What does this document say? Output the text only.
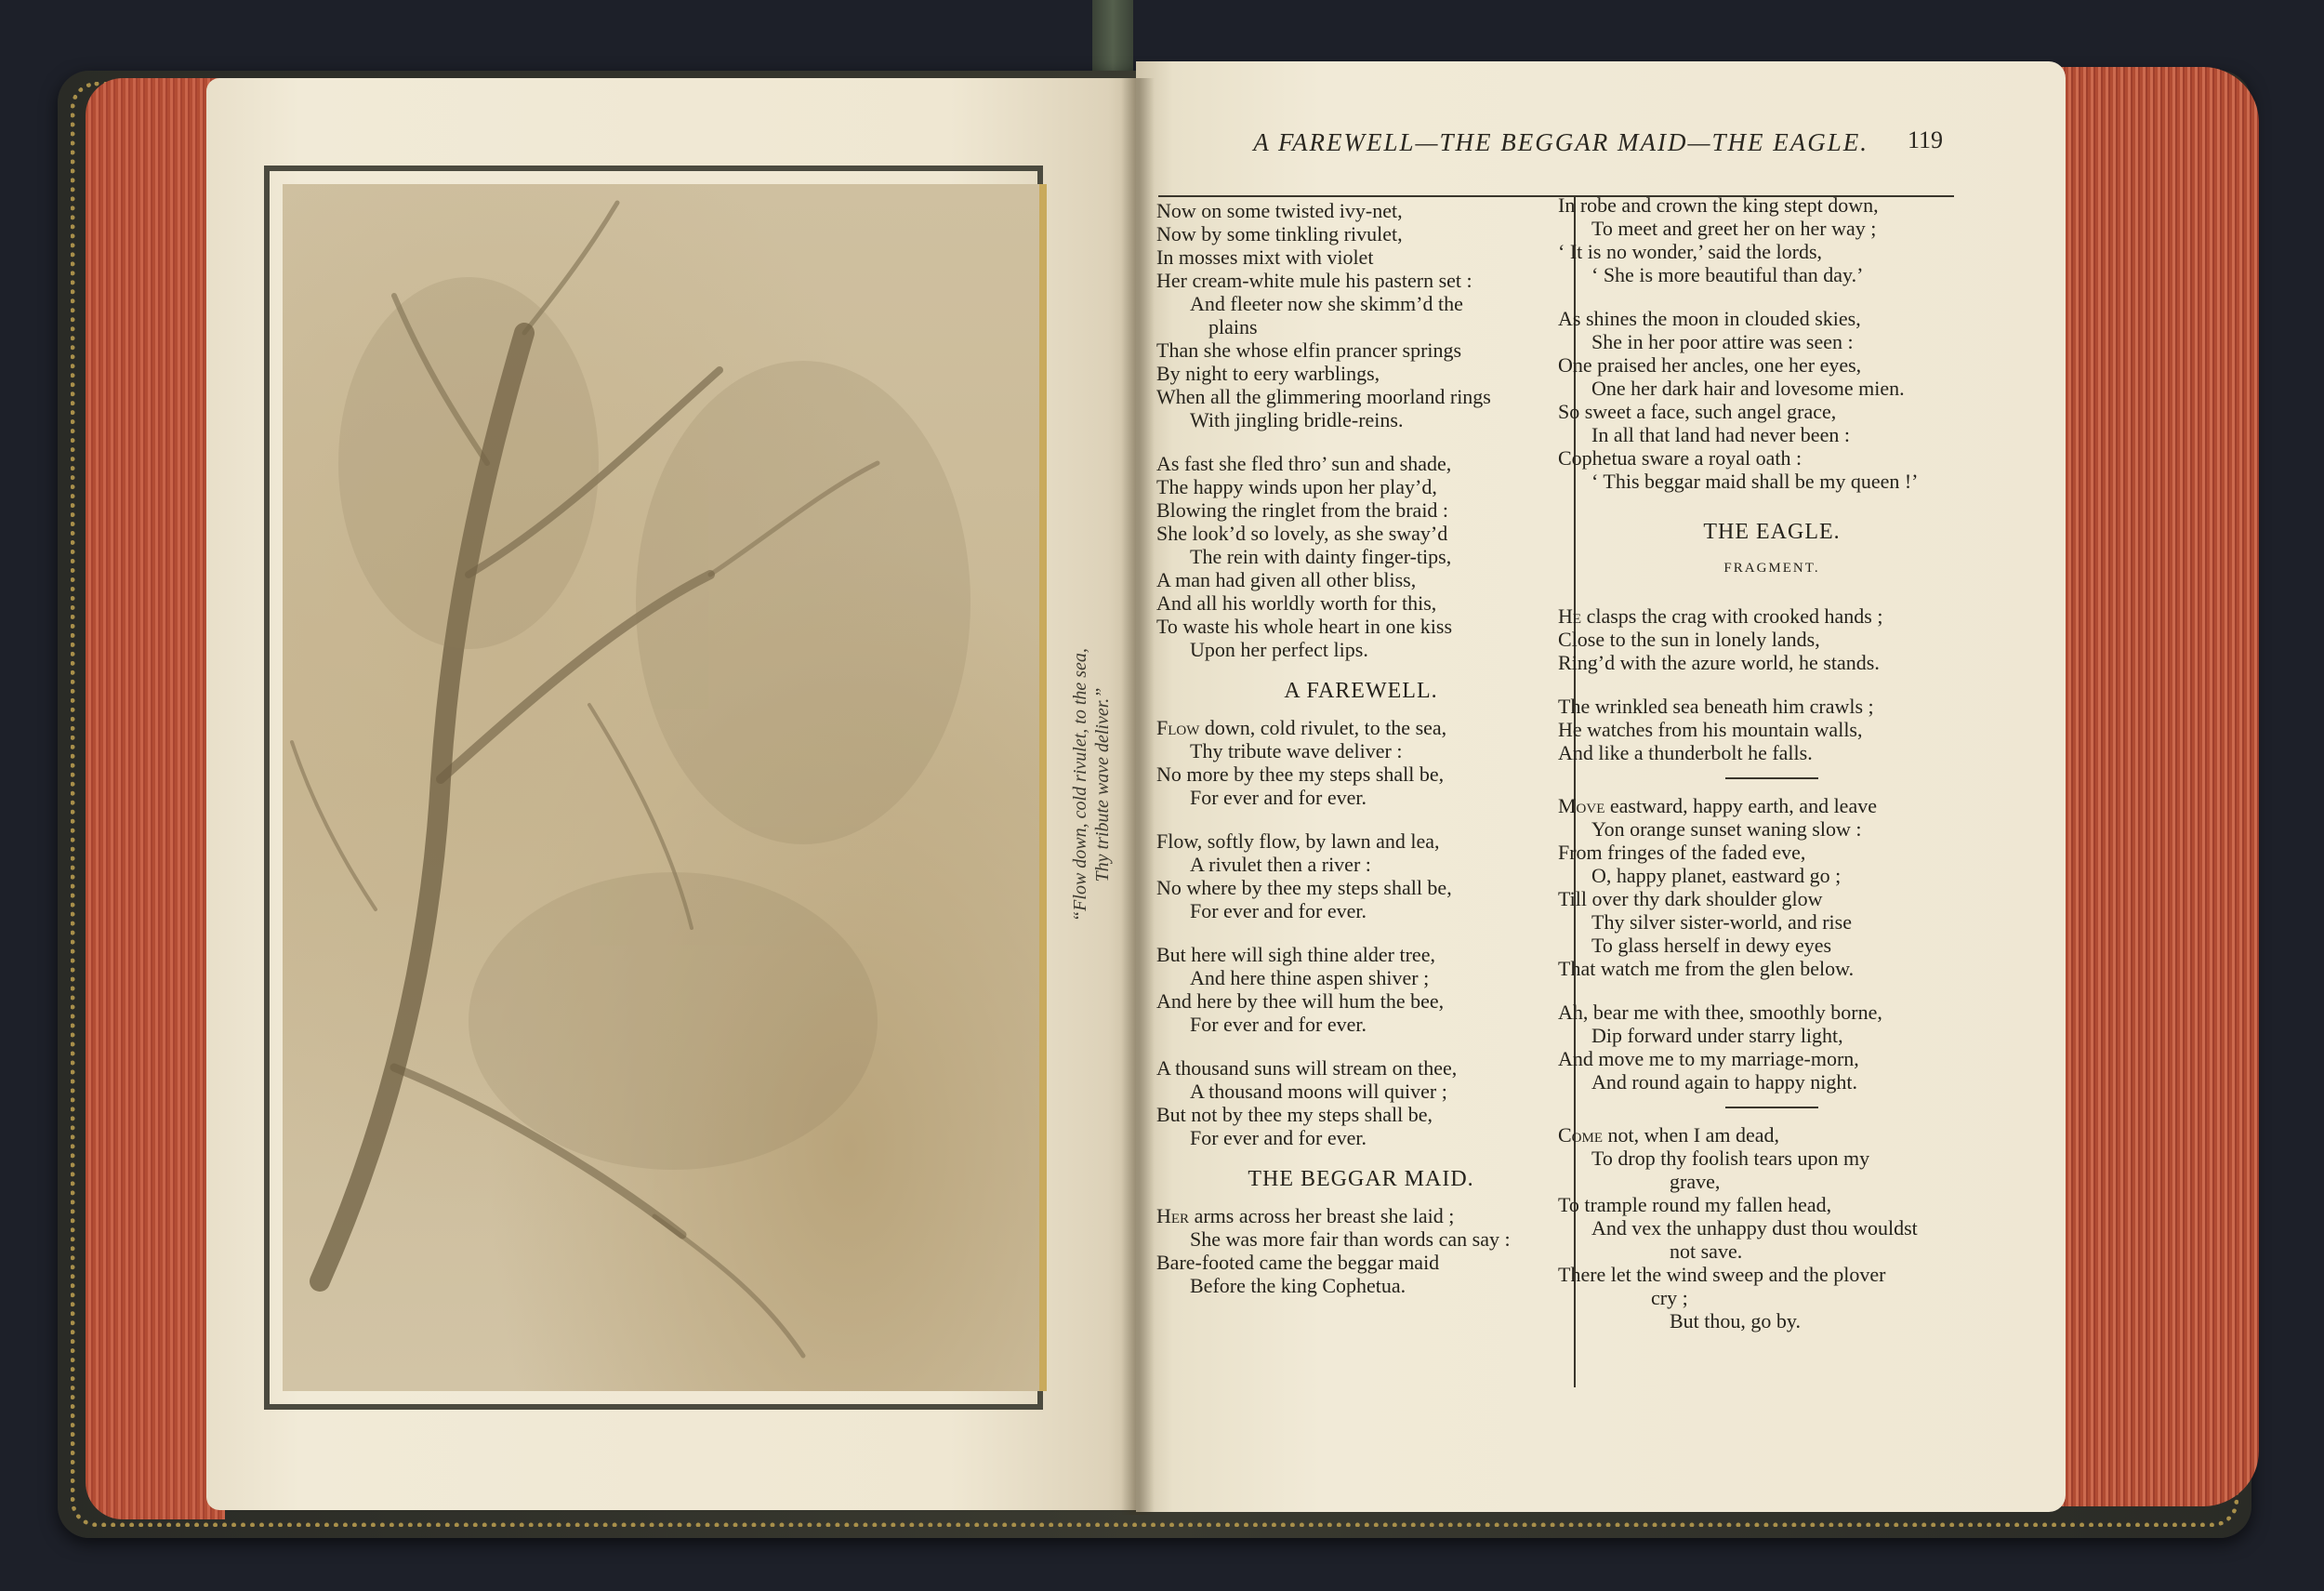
“Flow down, cold rivulet, to the sea, Thy tribute wave deliver.”
A FAREWELL—THE BEGGAR MAID—THE EAGLE. 119
Now on some twisted ivy-net,
Now by some tinkling rivulet,
In mosses mixt with violet
Her cream-white mule his pastern set :
And fleeter now she skimm’d the
plains
Than she whose elfin prancer springs
By night to eery warblings,
When all the glimmering moorland rings
With jingling bridle-reins.
As fast she fled thro’ sun and shade,
The happy winds upon her play’d,
Blowing the ringlet from the braid :
She look’d so lovely, as she sway’d
The rein with dainty finger-tips,
A man had given all other bliss,
And all his worldly worth for this,
To waste his whole heart in one kiss
Upon her perfect lips.
A FAREWELL.
Flow down, cold rivulet, to the sea,
Thy tribute wave deliver :
No more by thee my steps shall be,
For ever and for ever.
Flow, softly flow, by lawn and lea,
A rivulet then a river :
No where by thee my steps shall be,
For ever and for ever.
But here will sigh thine alder tree,
And here thine aspen shiver ;
And here by thee will hum the bee,
For ever and for ever.
A thousand suns will stream on thee,
A thousand moons will quiver ;
But not by thee my steps shall be,
For ever and for ever.
THE BEGGAR MAID.
Her arms across her breast she laid ;
She was more fair than words can say :
Bare-footed came the beggar maid
Before the king Cophetua.
In robe and crown the king stept down,
To meet and greet her on her way ;
‘ It is no wonder,’ said the lords,
‘ She is more beautiful than day.’
As shines the moon in clouded skies,
She in her poor attire was seen :
One praised her ancles, one her eyes,
One her dark hair and lovesome mien.
So sweet a face, such angel grace,
In all that land had never been :
Cophetua sware a royal oath :
‘ This beggar maid shall be my queen !’
THE EAGLE.
FRAGMENT.
He clasps the crag with crooked hands ;
Close to the sun in lonely lands,
Ring’d with the azure world, he stands.
The wrinkled sea beneath him crawls ;
He watches from his mountain walls,
And like a thunderbolt he falls.
Move eastward, happy earth, and leave
Yon orange sunset waning slow :
From fringes of the faded eve,
O, happy planet, eastward go ;
Till over thy dark shoulder glow
Thy silver sister-world, and rise
To glass herself in dewy eyes
That watch me from the glen below.
Ah, bear me with thee, smoothly borne,
Dip forward under starry light,
And move me to my marriage-morn,
And round again to happy night.
Come not, when I am dead,
To drop thy foolish tears upon my
grave,
To trample round my fallen head,
And vex the unhappy dust thou wouldst
not save.
There let the wind sweep and the plover
cry ;
But thou, go by.
